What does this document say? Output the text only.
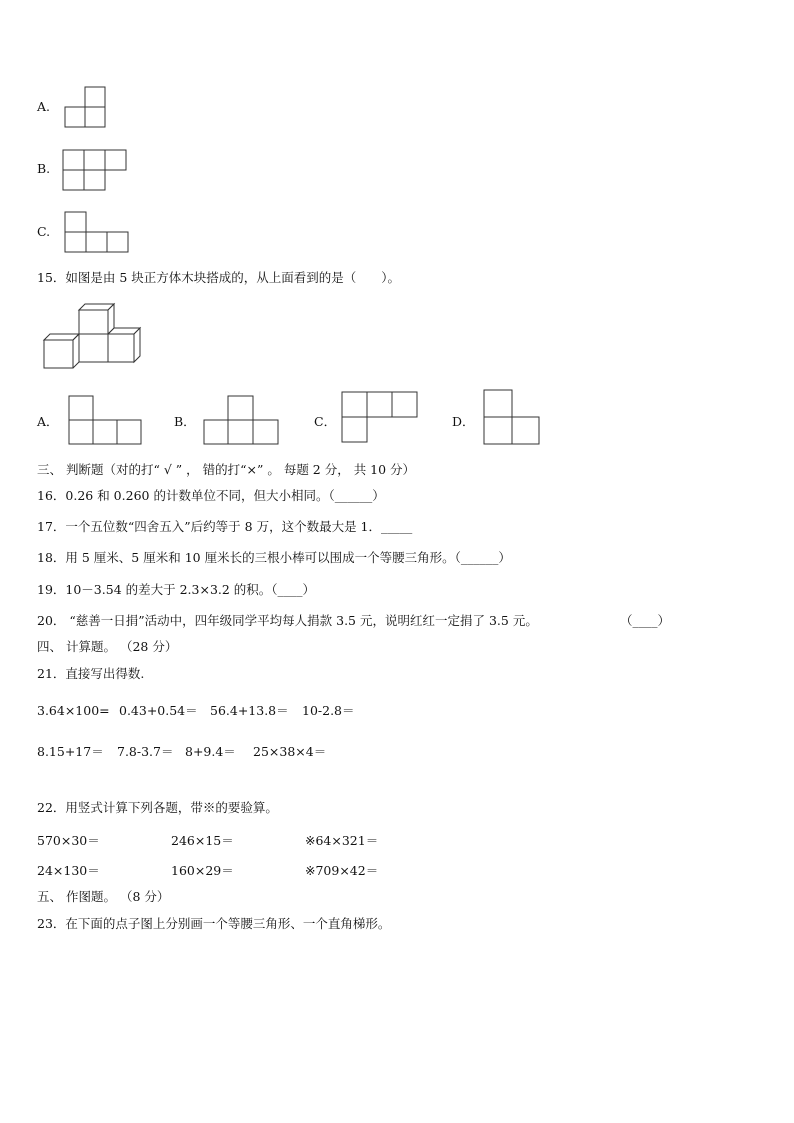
A.
B.
C.
15．如图是由 5 块正方体木块搭成的，从上面看到的是（　　）。
A．	B．	C．	D．
三、 判断题（对的打“ √ ” ， 错的打“×” 。 每题 2 分， 共 10 分）
16．0.26 和 0.260 的计数单位不同，但大小相同。（______）
17．一个五位数“四舍五入”后约等于 8 万，这个数最大是 1．_____
18．用 5 厘米、5 厘米和 10 厘米长的三根小棒可以围成一个等腰三角形。（______）
19．10－3.54 的差大于 2.3×3.2 的积。（____）
20． “慈善一日捐”活动中，四年级同学平均每人捐款 3.5 元，说明红红一定捐了 3.5 元。	（____）
四、 计算题。 （28 分）
21．直接写出得数.
3.64×100= 0.43+0.54＝ 56.4+13.8＝ 10-2.8＝
8.15+17＝ 7.8-3.7＝ 8+9.4＝ 25×38×4＝
22．用竖式计算下列各题，带※的要验算。
570×30＝	246×15＝	※64×321＝
24×130＝	160×29＝	※709×42＝
五、 作图题。 （8 分）
23．在下面的点子图上分别画一个等腰三角形、一个直角梯形。
